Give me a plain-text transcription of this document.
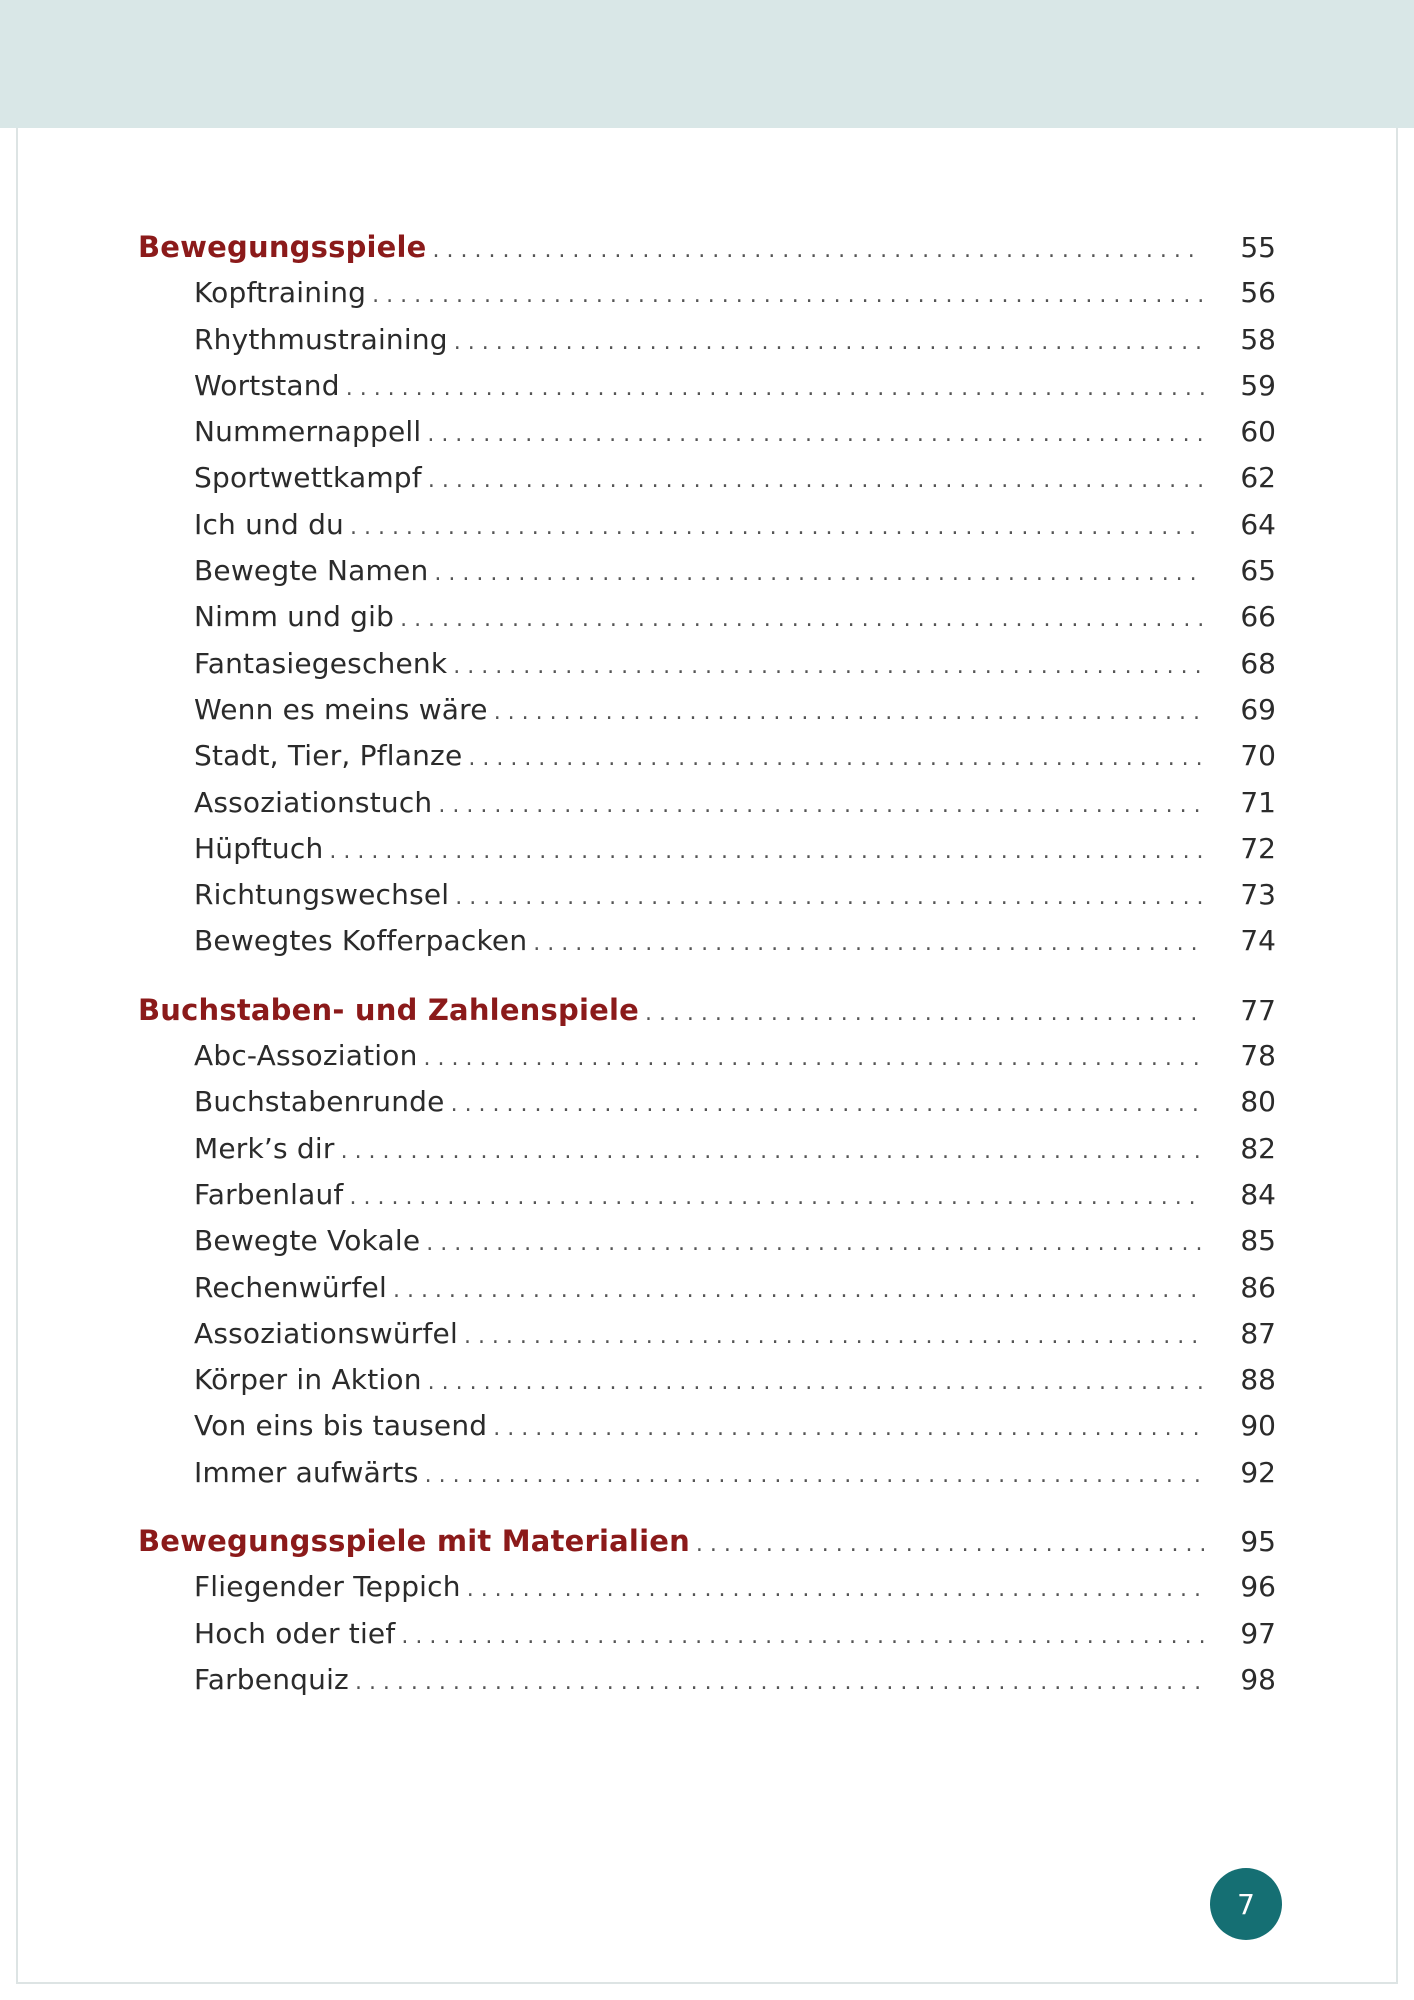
Bewegungsspiele . . .	55
Kopftraining . . .	56
Rhythmustraining . . .	58
Wortstand . . .	59
Nummernappell . . .	60
Sportwettkampf . . .	62
Ich und du . . .	64
Bewegte Namen . . .	65
Nimm und gib . . .	66
Fantasiegeschenk . . .	68
Wenn es meins wäre . . .	69
Stadt, Tier, Pflanze . . .	70
Assoziationstuch . . .	71
Hüpftuch . . .	72
Richtungswechsel . . .	73
Bewegtes Kofferpacken . . .	74
Buchstaben- und Zahlenspiele . . .	77
Abc-Assoziation . . .	78
Buchstabenrunde . . .	80
Merk’s dir . . .	82
Farbenlauf . . .	84
Bewegte Vokale . . .	85
Rechenwürfel . . .	86
Assoziationswürfel . . .	87
Körper in Aktion . . .	88
Von eins bis tausend . . .	90
Immer aufwärts . . .	92
Bewegungsspiele mit Materialien . . .	95
Fliegender Teppich . . .	96
Hoch oder tief . . .	97
Farbenquiz . . .	98
7
